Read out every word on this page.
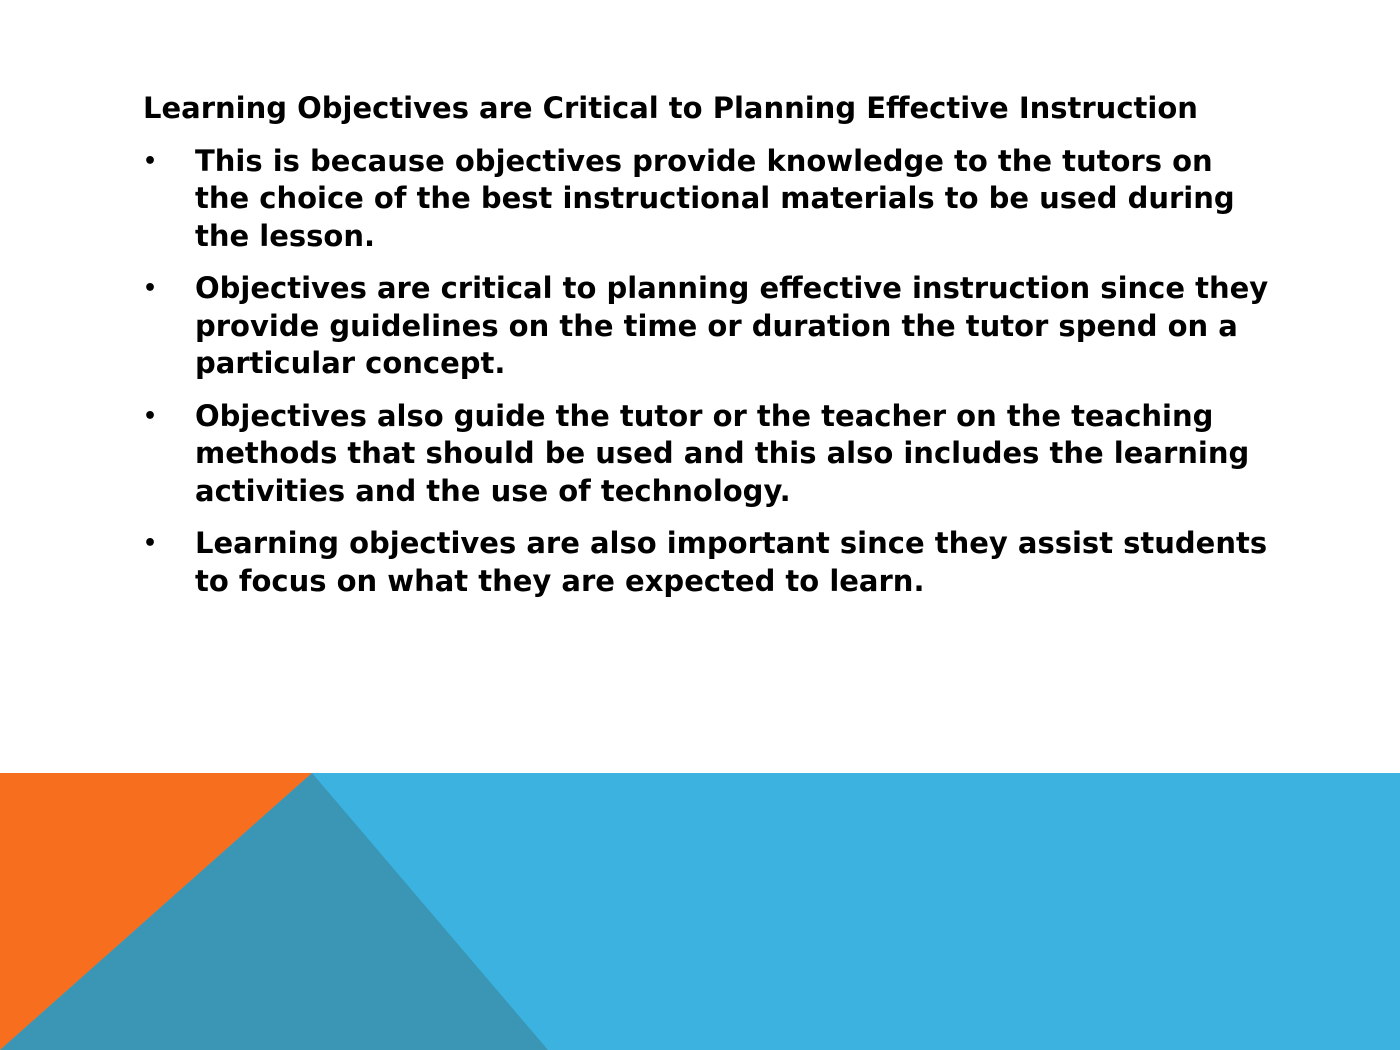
Learning Objectives are Critical to Planning Effective Instruction
• This is because objectives provide knowledge to the tutors on the choice of the best instructional materials to be used during the lesson.
• Objectives are critical to planning effective instruction since they provide guidelines on the time or duration the tutor spend on a particular concept.
• Objectives also guide the tutor or the teacher on the teaching methods that should be used and this also includes the learning activities and the use of technology.
• Learning objectives are also important since they assist students to focus on what they are expected to learn.
